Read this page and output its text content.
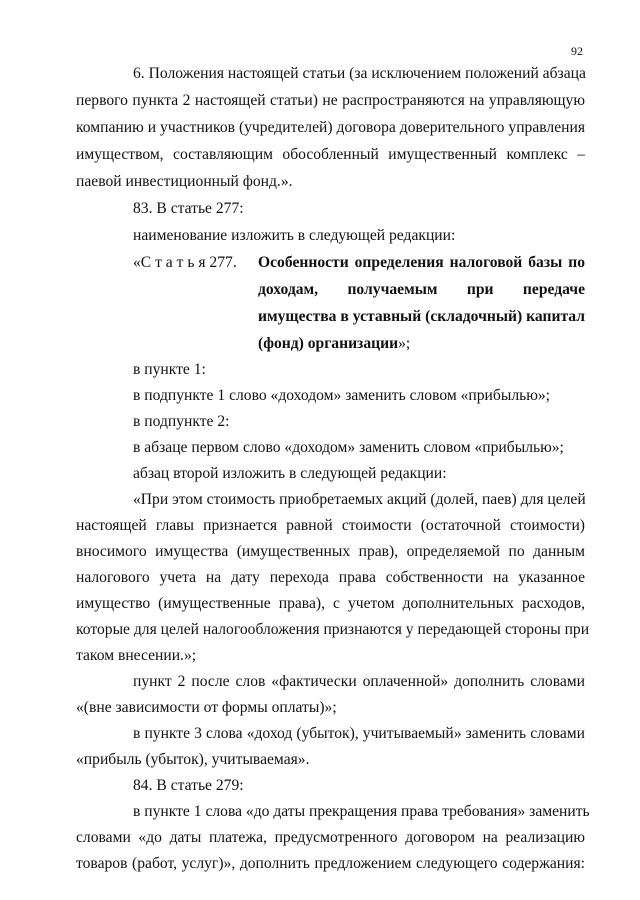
92
6. Положения настоящей статьи (за исключением положений абзаца
первого пункта 2 настоящей статьи) не распространяются на управляющую
компанию и участников (учредителей) договора доверительного управления
имуществом, составляющим обособленный имущественный комплекс –
паевой инвестиционный фонд.».
83. В статье 277:
наименование изложить в следующей редакции:
«С т а т ь я 277. Особенности определения налоговой базы по
доходам, получаемым при передаче
имущества в уставный (складочный) капитал
(фонд) организации»;
в пункте 1:
в подпункте 1 слово «доходом» заменить словом «прибылью»;
в подпункте 2:
в абзаце первом слово «доходом» заменить словом «прибылью»;
абзац второй изложить в следующей редакции:
«При этом стоимость приобретаемых акций (долей, паев) для целей
настоящей главы признается равной стоимости (остаточной стоимости)
вносимого имущества (имущественных прав), определяемой по данным
налогового учета на дату перехода права собственности на указанное
имущество (имущественные права), с учетом дополнительных расходов,
которые для целей налогообложения признаются у передающей стороны при
таком внесении.»;
пункт 2 после слов «фактически оплаченной» дополнить словами
«(вне зависимости от формы оплаты)»;
в пункте 3 слова «доход (убыток), учитываемый» заменить словами
«прибыль (убыток), учитываемая».
84. В статье 279:
в пункте 1 слова «до даты прекращения права требования» заменить
словами «до даты платежа, предусмотренного договором на реализацию
товаров (работ, услуг)», дополнить предложением следующего содержания:
